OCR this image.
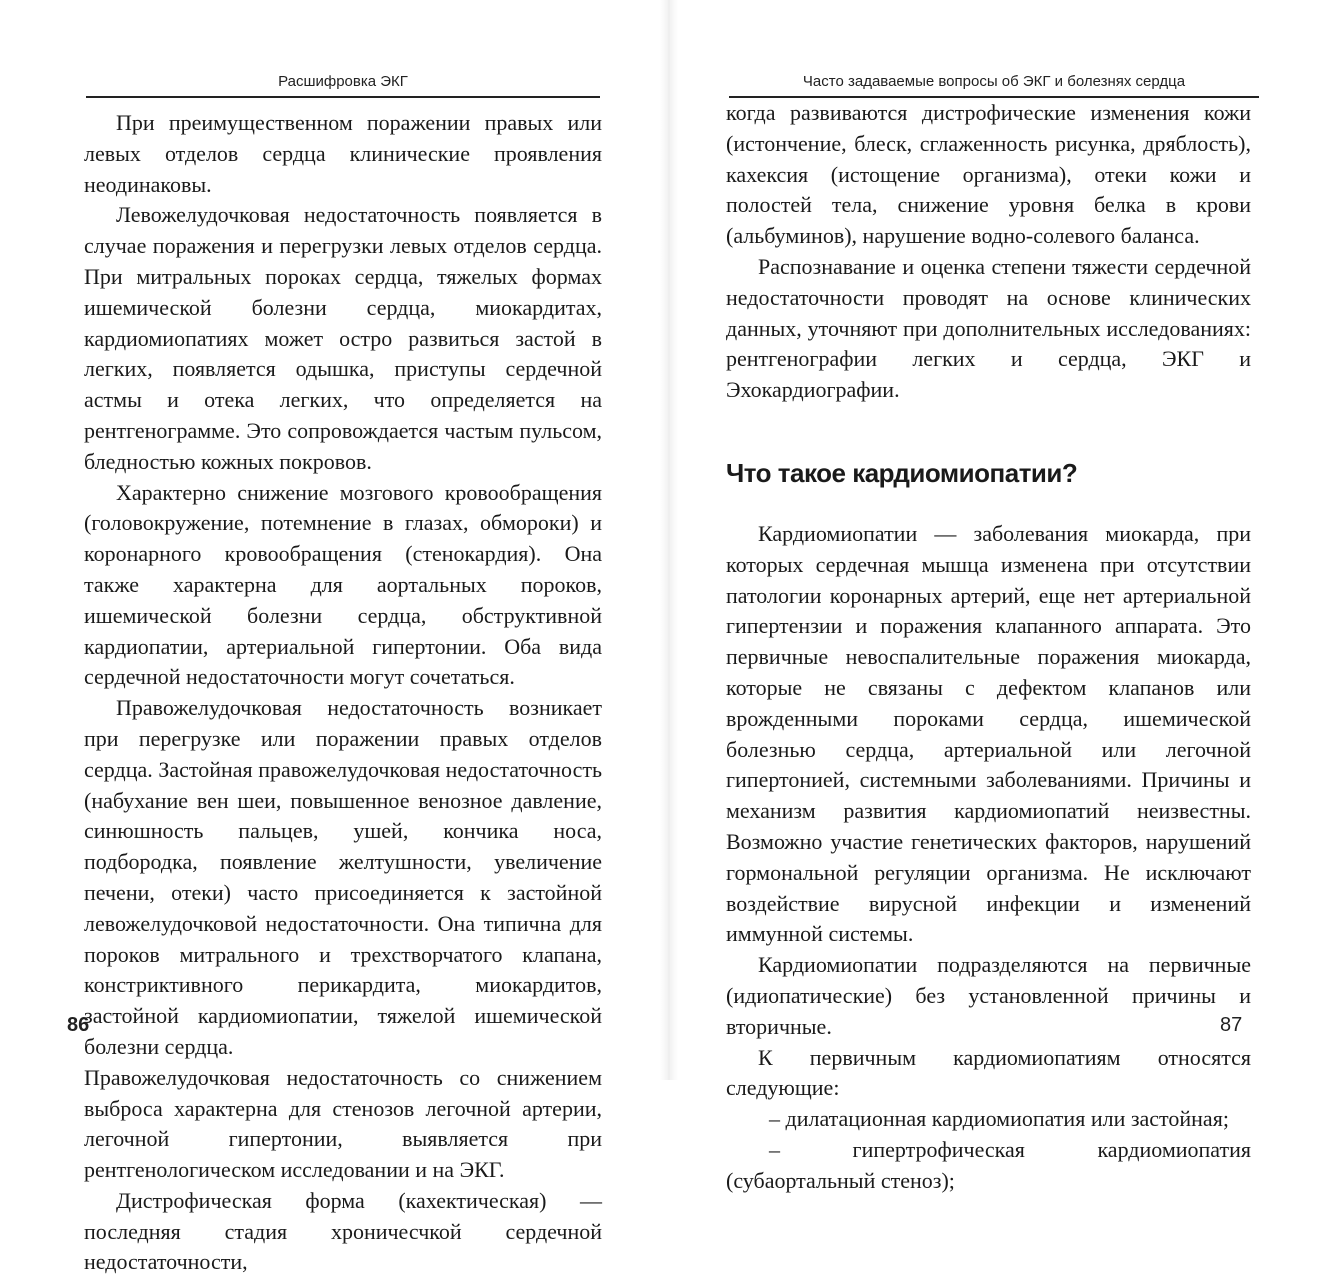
Расшифровка ЭКГ

При преимущественном поражении правых или левых отделов сердца клинические проявления неодинаковы.

Левожелудочковая недостаточность появляется в случае поражения и перегрузки левых отделов сердца. При митральных пороках сердца, тяжелых формах ишемической болезни сердца, миокардитах, кардиомиопатиях может остро развиться застой в легких, появляется одышка, приступы сердечной астмы и отека легких, что определяется на рентгенограмме. Это сопровождается частым пульсом, бледностью кожных покровов.

Характерно снижение мозгового кровообращения (головокружение, потемнение в глазах, обмороки) и коронарного кровообращения (стенокардия). Она также характерна для аортальных пороков, ишемической болезни сердца, обструктивной кардиопатии, артериальной гипертонии. Оба вида сердечной недостаточности могут сочетаться.

Правожелудочковая недостаточность возникает при перегрузке или поражении правых отделов сердца. Застойная правожелудочковая недостаточность (набухание вен шеи, повышенное венозное давление, синюшность пальцев, ушей, кончика носа, подбородка, появление желтушности, увеличение печени, отеки) часто присоединяется к застойной левожелудочковой недостаточности. Она типична для пороков митрального и трехстворчатого клапана, констриктивного перикардита, миокардитов, застойной кардиомиопатии, тяжелой ишемической болезни сердца.

Правожелудочковая недостаточность со снижением выброса характерна для стенозов легочной артерии, легочной гипертонии, выявляется при рентгенологическом исследовании и на ЭКГ.

Дистрофическая форма (кахектическая) — последняя стадия хроничесчкой сердечной недостаточности,

86
Часто задаваемые вопросы об ЭКГ и болезнях сердца

когда развиваются дистрофические изменения кожи (истончение, блеск, сглаженность рисунка, дряблость), кахексия (истощение организма), отеки кожи и полостей тела, снижение уровня белка в крови (альбуминов), нарушение водно-солевого баланса.

Распознавание и оценка степени тяжести сердечной недостаточности проводят на основе клинических данных, уточняют при дополнительных исследованиях: рентгенографии легких и сердца, ЭКГ и Эхокардиографии.

Что такое кардиомиопатии?

Кардиомиопатии — заболевания миокарда, при которых сердечная мышца изменена при отсутствии патологии коронарных артерий, еще нет артериальной гипертензии и поражения клапанного аппарата. Это первичные невоспалительные поражения миокарда, которые не связаны с дефектом клапанов или врожденными пороками сердца, ишемической болезнью сердца, артериальной или легочной гипертонией, системными заболеваниями. Причины и механизм развития кардиомиопатий неизвестны. Возможно участие генетических факторов, нарушений гормональной регуляции организма. Не исключают воздействие вирусной инфекции и изменений иммунной системы.

Кардиомиопатии подразделяются на первичные (идиопатические) без установленной причины и вторичные.

К первичным кардиомиопатиям относятся следующие:

– дилатационная кардиомиопатия или застойная;

– гипертрофическая кардиомиопатия (субаортальный стеноз);

87
